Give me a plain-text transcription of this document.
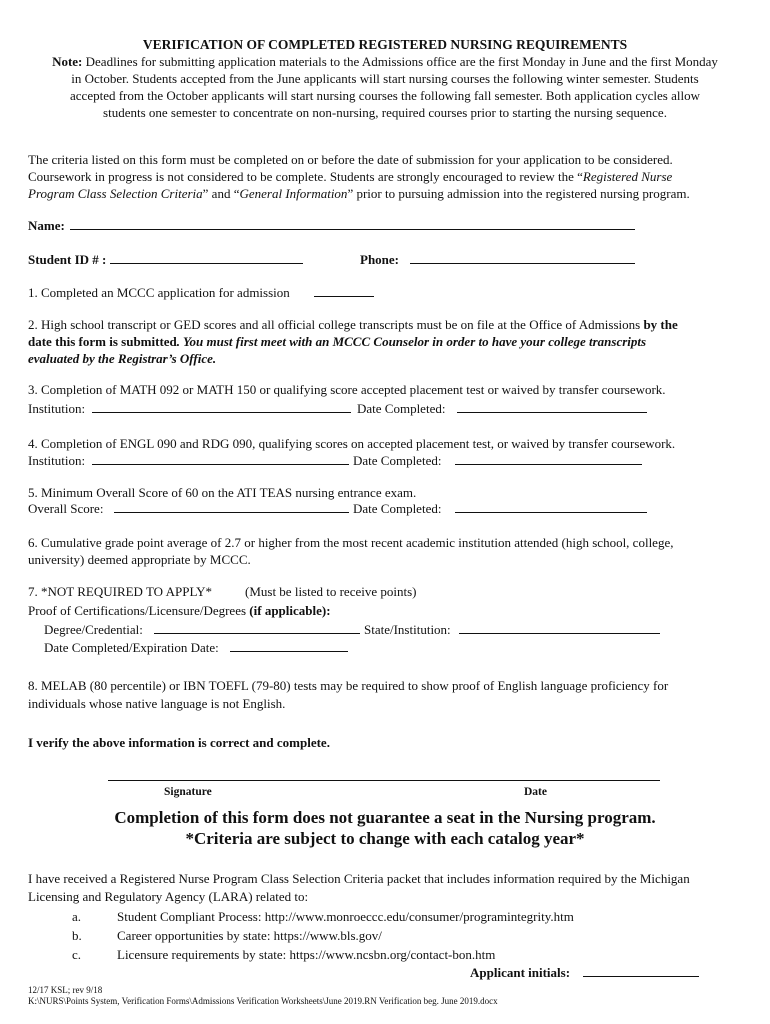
VERIFICATION OF COMPLETED REGISTERED NURSING REQUIREMENTS
Note: Deadlines for submitting application materials to the Admissions office are the first Monday in June and the first Monday
in October. Students accepted from the June applicants will start nursing courses the following winter semester. Students
accepted from the October applicants will start nursing courses the following fall semester. Both application cycles allow
students one semester to concentrate on non-nursing, required courses prior to starting the nursing sequence.
The criteria listed on this form must be completed on or before the date of submission for your application to be considered.
Coursework in progress is not considered to be complete. Students are strongly encouraged to review the “Registered Nurse
Program Class Selection Criteria” and “General Information” prior to pursuing admission into the registered nursing program.
Name:
Student ID # :	Phone:
1. Completed an MCCC application for admission
2. High school transcript or GED scores and all official college transcripts must be on file at the Office of Admissions by the
date this form is submitted. You must first meet with an MCCC Counselor in order to have your college transcripts
evaluated by the Registrar’s Office.
3. Completion of MATH 092 or MATH 150 or qualifying score accepted placement test or waived by transfer coursework.
Institution:	Date Completed:
4. Completion of ENGL 090 and RDG 090, qualifying scores on accepted placement test, or waived by transfer coursework.
Institution:	Date Completed:
5. Minimum Overall Score of 60 on the ATI TEAS nursing entrance exam.
Overall Score:	Date Completed:
6. Cumulative grade point average of 2.7 or higher from the most recent academic institution attended (high school, college,
university) deemed appropriate by MCCC.
7. *NOT REQUIRED TO APPLY*	(Must be listed to receive points)
Proof of Certifications/Licensure/Degrees (if applicable):
Degree/Credential:	State/Institution:
Date Completed/Expiration Date:
8. MELAB (80 percentile) or IBN TOEFL (79-80) tests may be required to show proof of English language proficiency for
individuals whose native language is not English.
I verify the above information is correct and complete.
Signature	Date
Completion of this form does not guarantee a seat in the Nursing program.
*Criteria are subject to change with each catalog year*
I have received a Registered Nurse Program Class Selection Criteria packet that includes information required by the Michigan
Licensing and Regulatory Agency (LARA) related to:
a.	Student Compliant Process: http://www.monroeccc.edu/consumer/programintegrity.htm
b.	Career opportunities by state: https://www.bls.gov/
c.	Licensure requirements by state: https://www.ncsbn.org/contact-bon.htm
Applicant initials:
12/17 KSL; rev 9/18
K:\NURS\Points System, Verification Forms\Admissions Verification Worksheets\June 2019.RN Verification beg. June 2019.docx
